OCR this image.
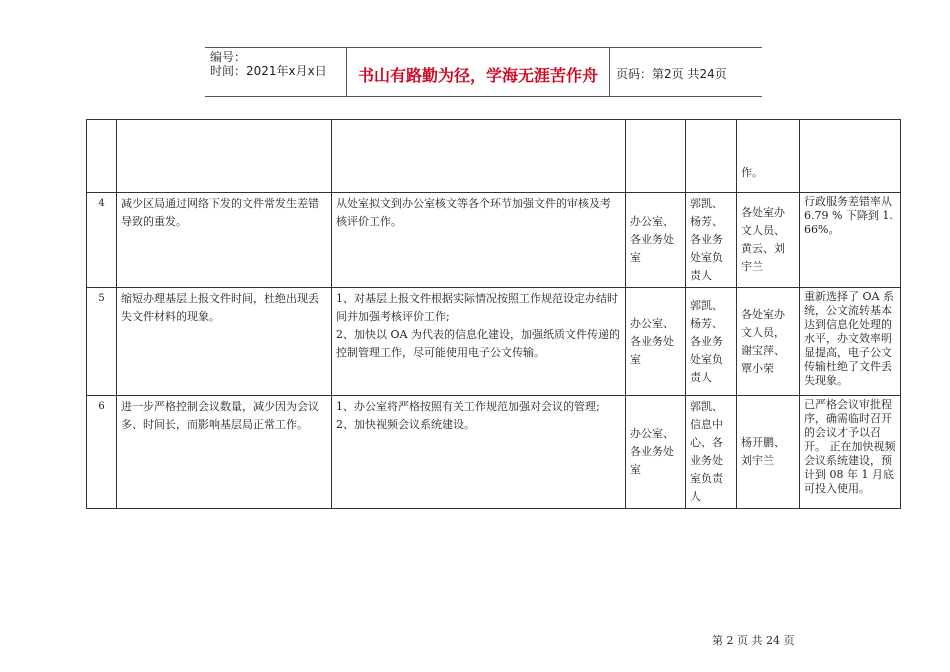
编号：
时间：2021年x月x日	书山有路勤为径，学海无涯苦作舟	页码：第2页 共24页
					作。	
4	减少区局通过网络下发的文件常发生差错导致的重发。	从处室拟文到办公室核文等各个环节加强文件的审核及考核评价工作。	办公室、各业务处室	郭凯、杨芳、各业务处室负责人	各处室办文人员、黄云、刘宇兰	行政服务差错率从 6.79 % 下降到 1.66%。
5	缩短办理基层上报文件时间，杜绝出现丢失文件材料的现象。	1、对基层上报文件根据实际情况按照工作规范设定办结时间并加强考核评价工作;
2、加快以 OA 为代表的信息化建设，加强纸质文件传递的控制管理工作，尽可能使用电子公文传输。	办公室、各业务处室	郭凯、杨芳、各业务处室负责人	各处室办文人员，谢宝萍、覃小荣	重新选择了 OA 系统，公文流转基本达到信息化处理的水平，办文效率明显提高，电子公文传输杜绝了文件丢失现象。
6	进一步严格控制会议数量，减少因为会议多、时间长，而影响基层局正常工作。	1、办公室将严格按照有关工作规范加强对会议的管理;
2、加快视频会议系统建设。	办公室、各业务处室	郭凯、信息中心、各业务处室负责人	杨开鹏、刘宇兰	已严格会议审批程序，确需临时召开的会议才予以召开。 正在加快视频会议系统建设，预计到 08 年 1 月底可投入使用。
第 2 页 共 24 页
